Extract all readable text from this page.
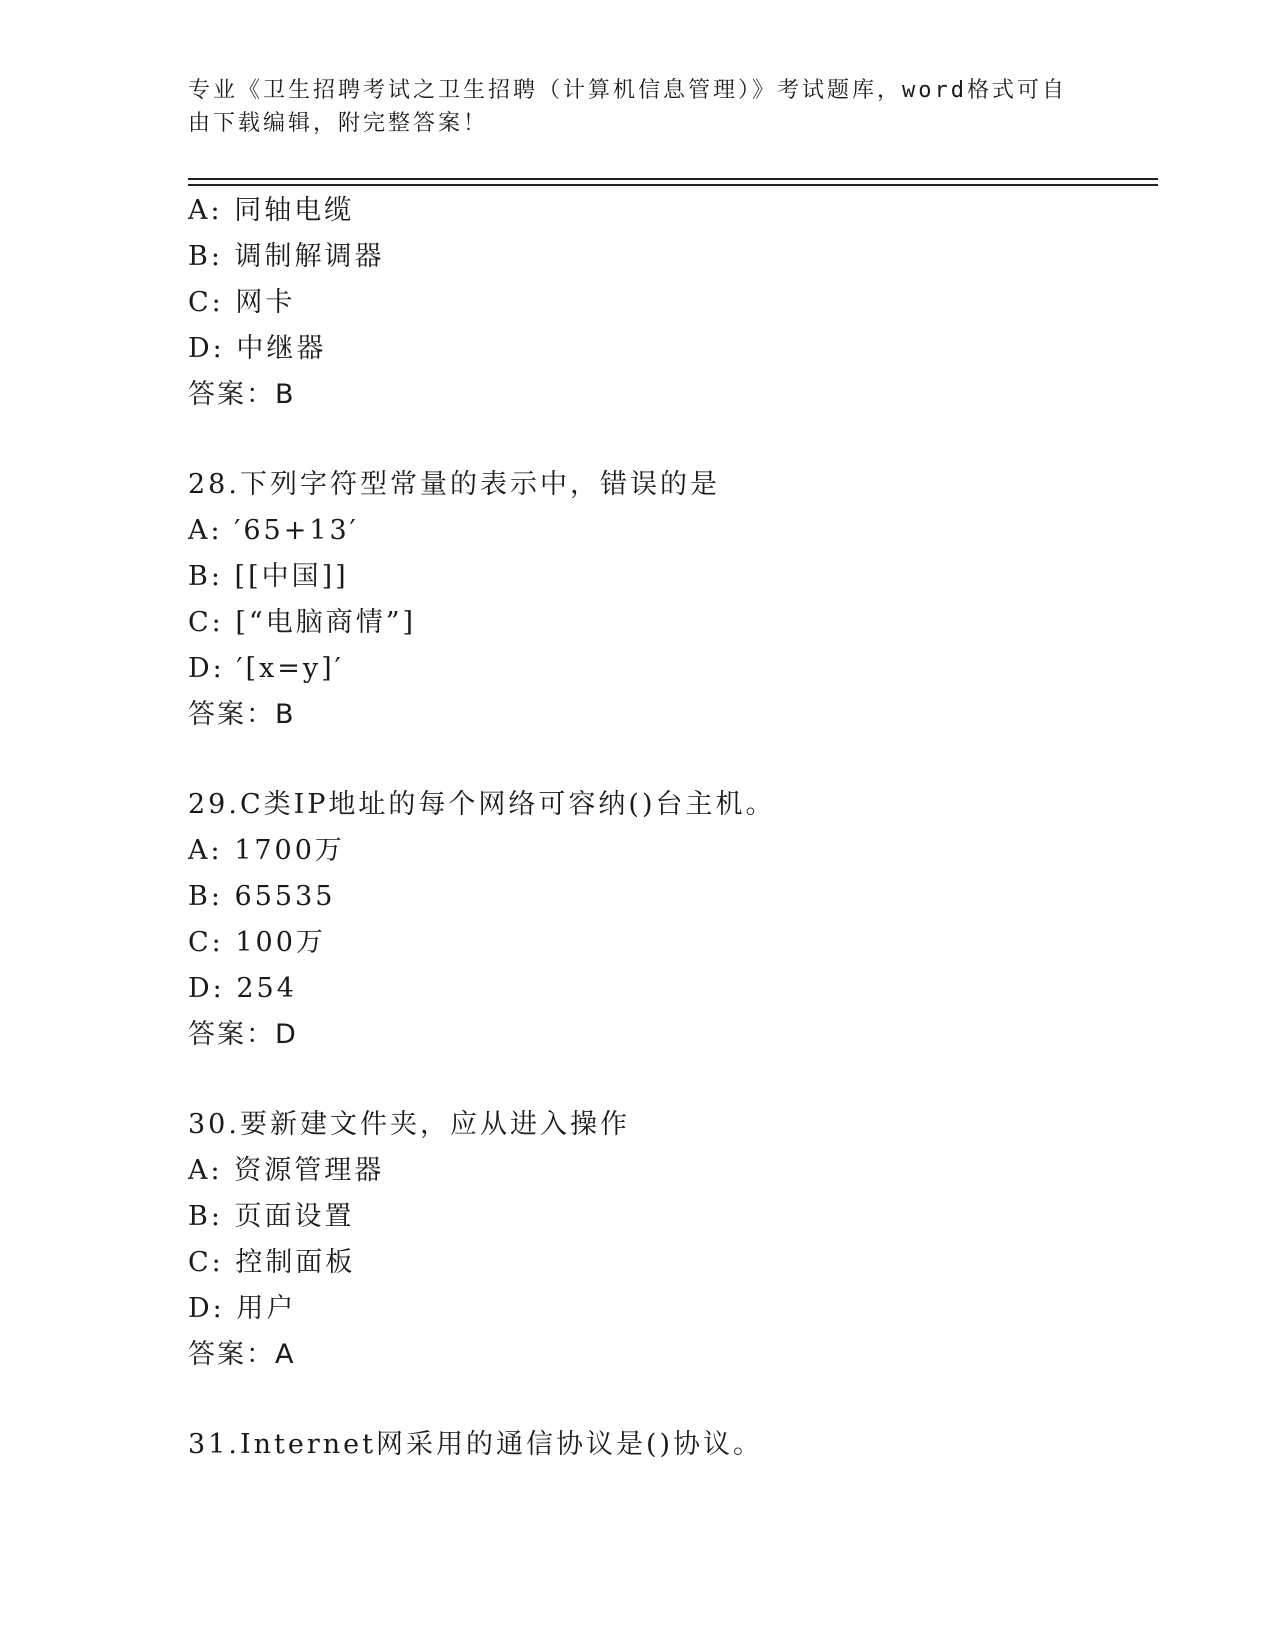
专业《卫生招聘考试之卫生招聘（计算机信息管理）》考试题库，word格式可自
由下载编辑，附完整答案！
A: 同轴电缆
B: 调制解调器
C: 网卡
D: 中继器
答案：B
28.下列字符型常量的表示中，错误的是
A: ′65+13′
B: [[中国]]
C: [“电脑商情”]
D: ′[x=y]′
答案：B
29.C类IP地址的每个网络可容纳()台主机。
A: 1700万
B: 65535
C: 100万
D: 254
答案：D
30.要新建文件夹，应从进入操作
A: 资源管理器
B: 页面设置
C: 控制面板
D: 用户
答案：A
31.Internet网采用的通信协议是()协议。
